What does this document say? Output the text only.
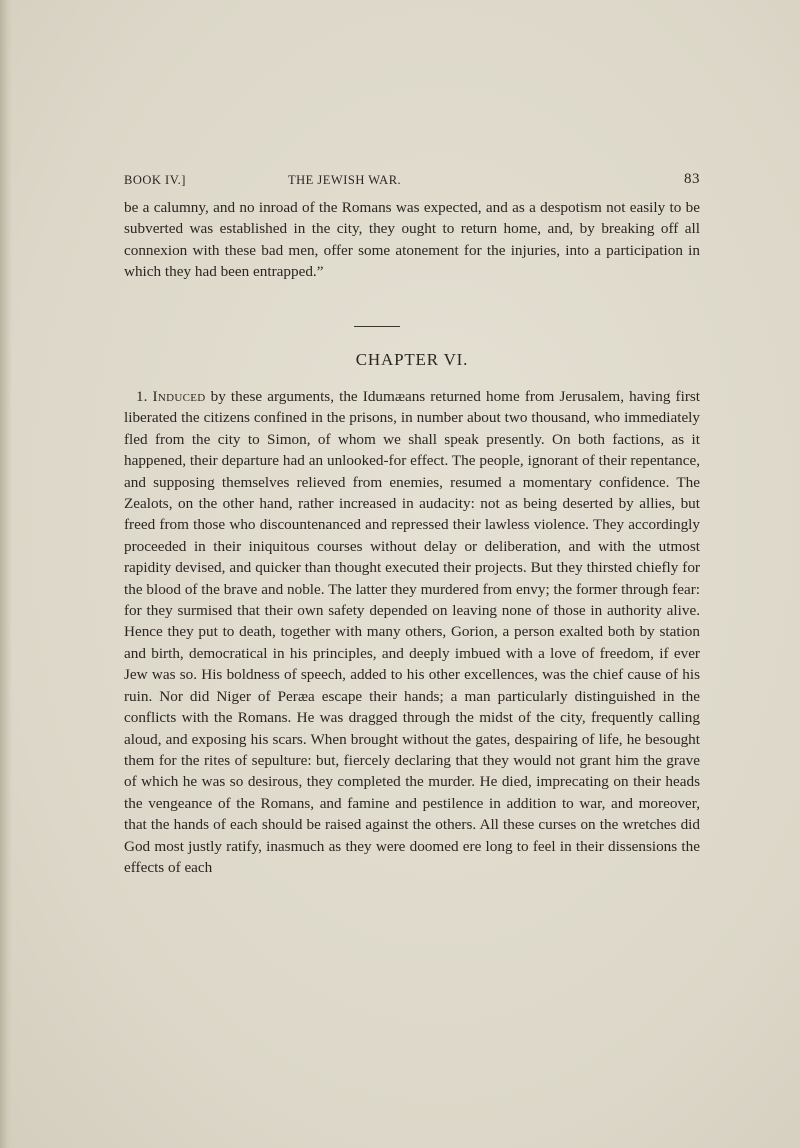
BOOK IV.]	THE JEWISH WAR.	83

be a calumny, and no inroad of the Romans was expected, and as a despotism not easily to be subverted was established in the city, they ought to return home, and, by breaking off all connexion with these bad men, offer some atonement for the injuries, into a participation in which they had been entrapped.”

CHAPTER VI.

1. Induced by these arguments, the Idumæans returned home from Jerusalem, having first liberated the citizens confined in the prisons, in number about two thousand, who immediately fled from the city to Simon, of whom we shall speak presently. On both factions, as it happened, their departure had an unlooked-for effect. The people, ignorant of their repentance, and supposing themselves relieved from enemies, resumed a momentary confidence. The Zealots, on the other hand, rather increased in audacity: not as being deserted by allies, but freed from those who discountenanced and repressed their lawless violence. They accordingly proceeded in their iniquitous courses without delay or deliberation, and with the utmost rapidity devised, and quicker than thought executed their projects. But they thirsted chiefly for the blood of the brave and noble. The latter they murdered from envy; the former through fear: for they surmised that their own safety depended on leaving none of those in authority alive. Hence they put to death, together with many others, Gorion, a person exalted both by station and birth, democratical in his principles, and deeply imbued with a love of freedom, if ever Jew was so. His boldness of speech, added to his other excellences, was the chief cause of his ruin. Nor did Niger of Peræa escape their hands; a man particularly distinguished in the conflicts with the Romans. He was dragged through the midst of the city, frequently calling aloud, and exposing his scars. When brought without the gates, despairing of life, he besought them for the rites of sepulture: but, fiercely declaring that they would not grant him the grave of which he was so desirous, they completed the murder. He died, imprecating on their heads the vengeance of the Romans, and famine and pestilence in addition to war, and moreover, that the hands of each should be raised against the others. All these curses on the wretches did God most justly ratify, inasmuch as they were doomed ere long to feel in their dissensions the effects of each
